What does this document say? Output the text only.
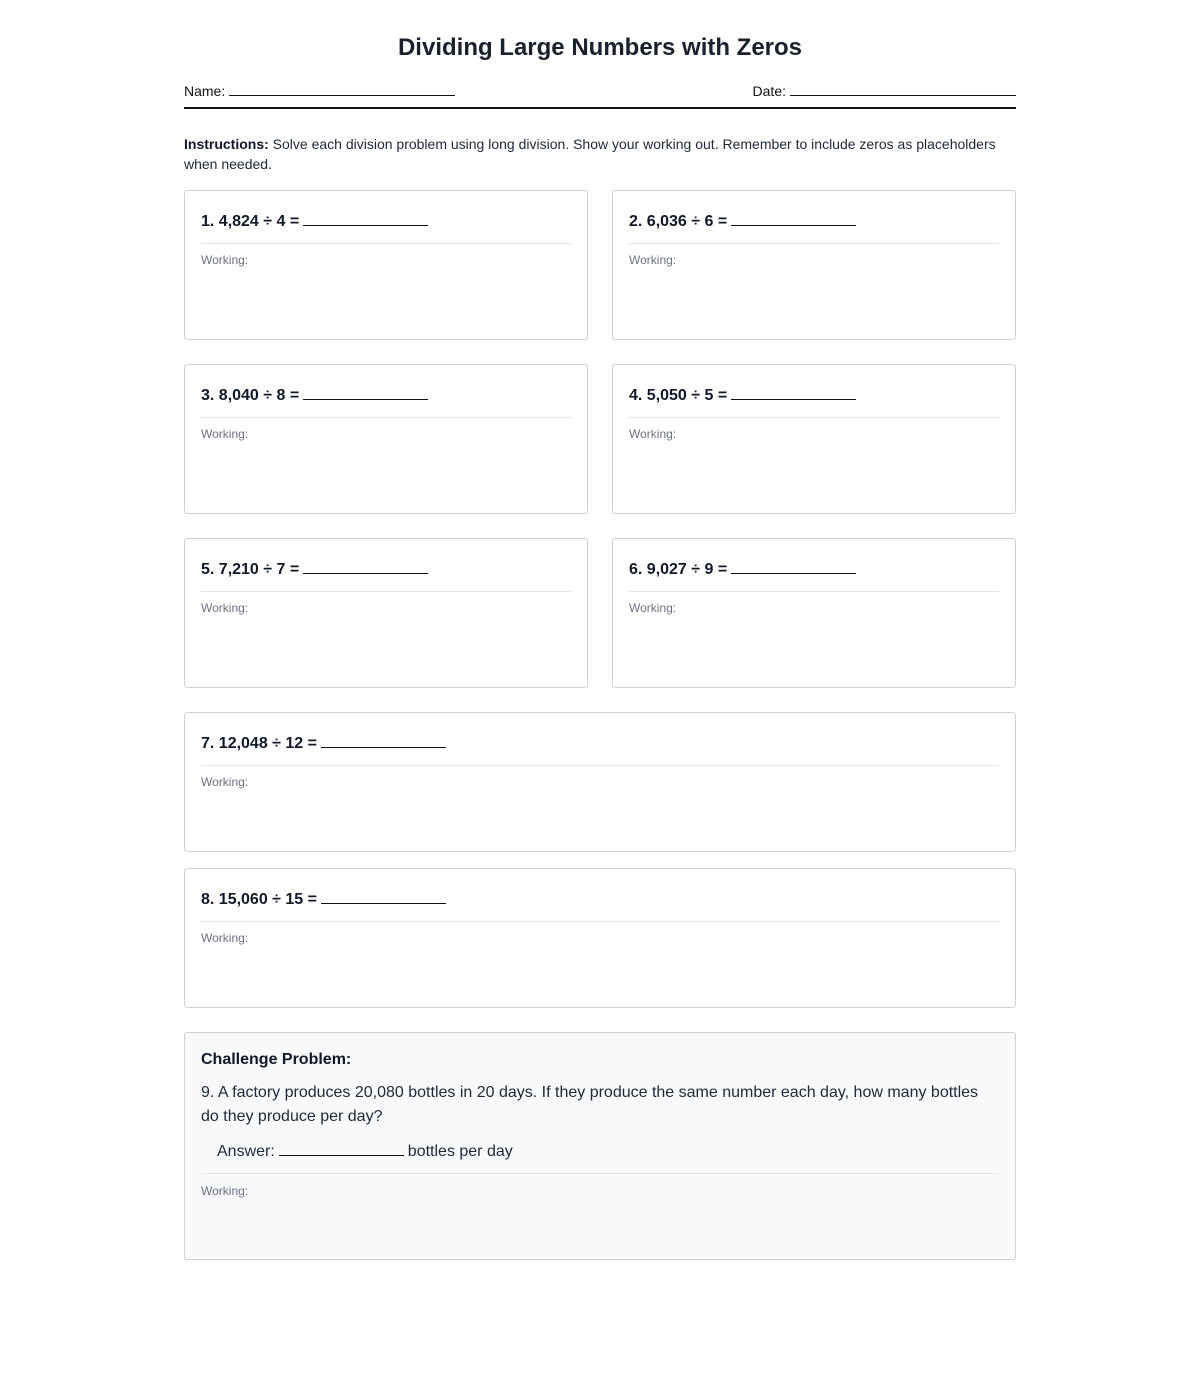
Dividing Large Numbers with Zeros
Name:	Date:
Instructions: Solve each division problem using long division. Show your working out. Remember to include zeros as placeholders when needed.
1. 4,824 ÷ 4 =
Working:
2. 6,036 ÷ 6 =
Working:
3. 8,040 ÷ 8 =
Working:
4. 5,050 ÷ 5 =
Working:
5. 7,210 ÷ 7 =
Working:
6. 9,027 ÷ 9 =
Working:
7. 12,048 ÷ 12 =
Working:
8. 15,060 ÷ 15 =
Working:
Challenge Problem:
9. A factory produces 20,080 bottles in 20 days. If they produce the same number each day, how many bottles do they produce per day?
Answer:	bottles per day
Working:
